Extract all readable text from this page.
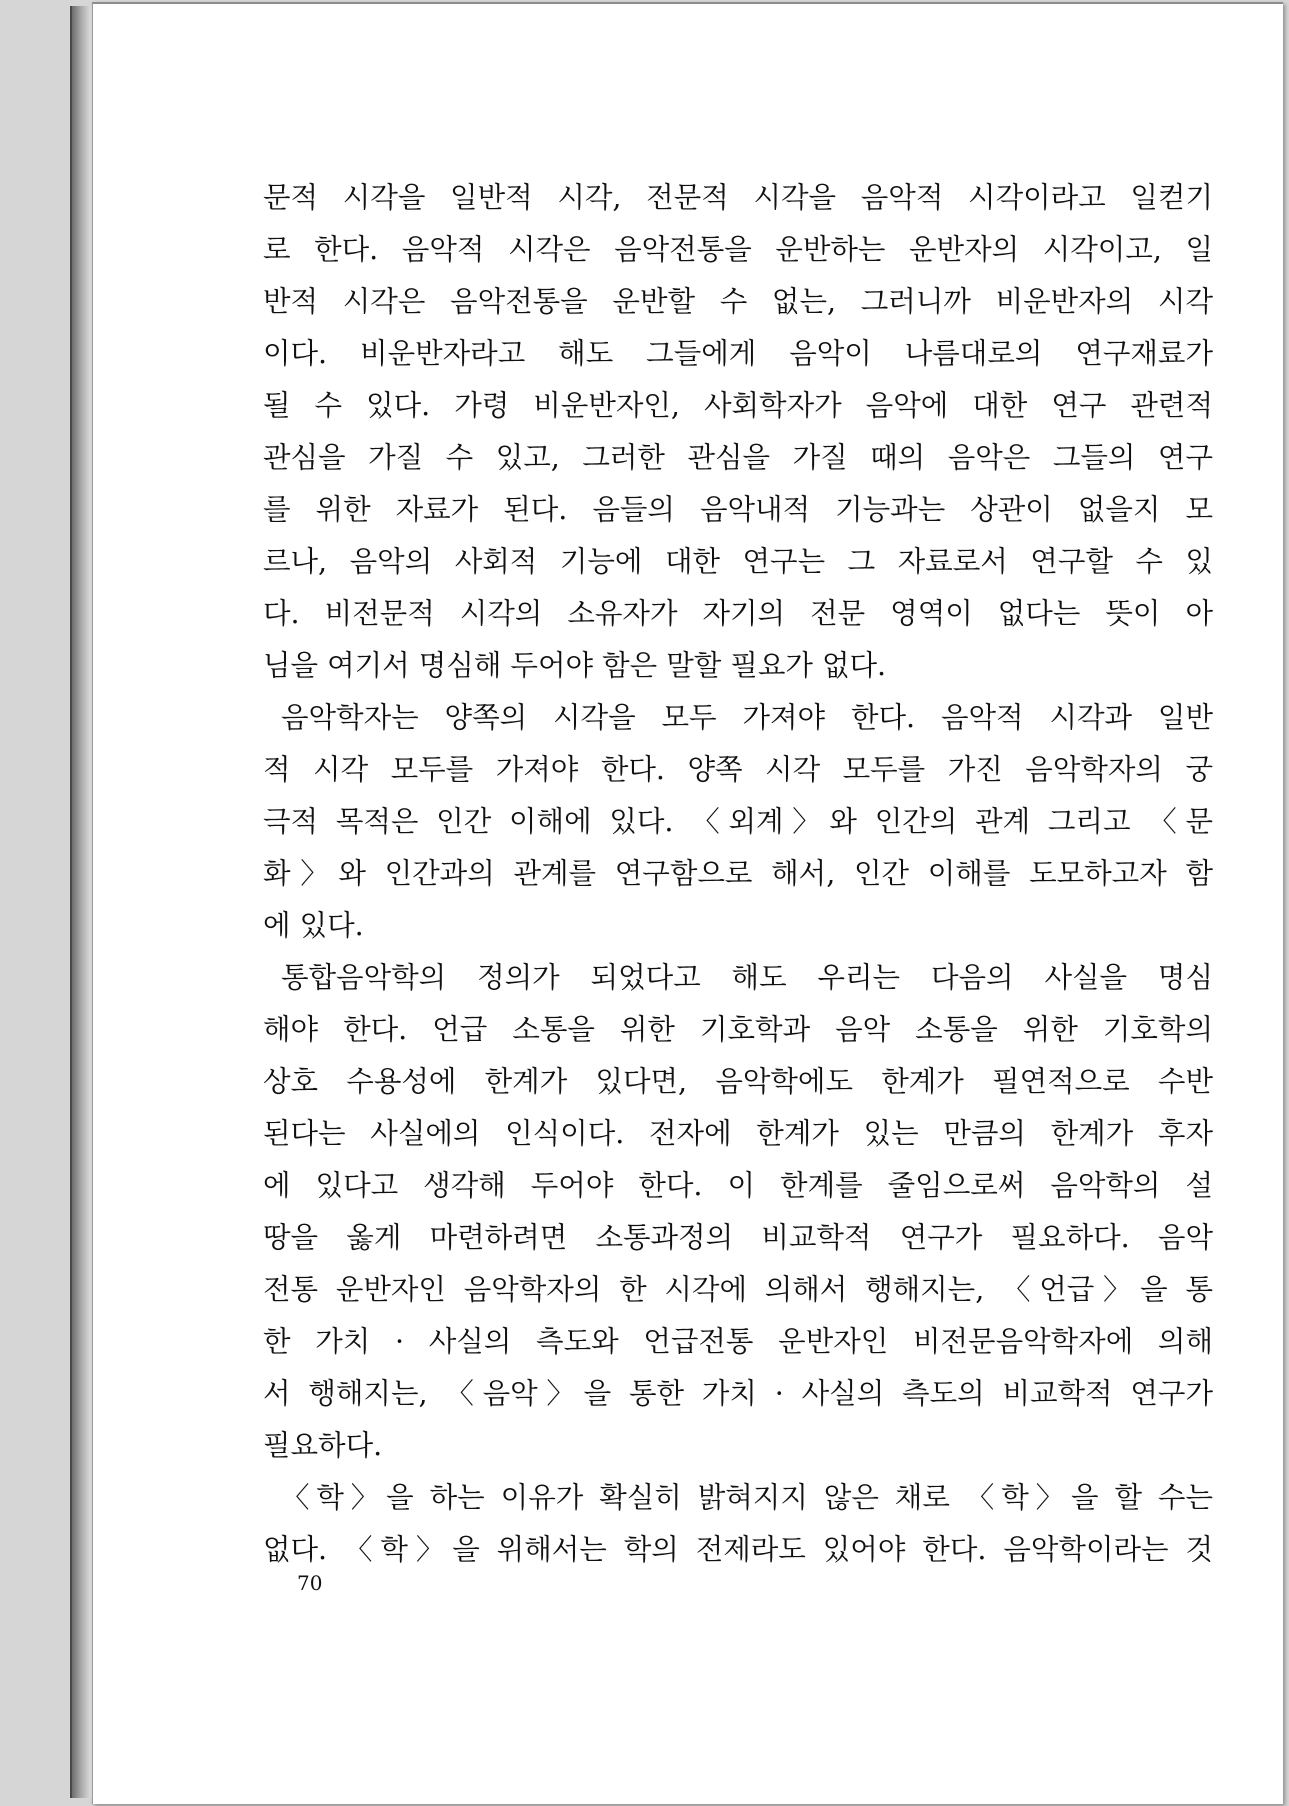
문적 시각을 일반적 시각, 전문적 시각을 음악적 시각이라고 일컫기
로 한다. 음악적 시각은 음악전통을 운반하는 운반자의 시각이고, 일
반적 시각은 음악전통을 운반할 수 없는, 그러니까 비운반자의 시각
이다. 비운반자라고 해도 그들에게 음악이 나름대로의 연구재료가
될 수 있다. 가령 비운반자인, 사회학자가 음악에 대한 연구 관련적
관심을 가질 수 있고, 그러한 관심을 가질 때의 음악은 그들의 연구
를 위한 자료가 된다. 음들의 음악내적 기능과는 상관이 없을지 모
르나, 음악의 사회적 기능에 대한 연구는 그 자료로서 연구할 수 있
다. 비전문적 시각의 소유자가 자기의 전문 영역이 없다는 뜻이 아
님을 여기서 명심해 두어야 함은 말할 필요가 없다.
음악학자는 양쪽의 시각을 모두 가져야 한다. 음악적 시각과 일반
적 시각 모두를 가져야 한다. 양쪽 시각 모두를 가진 음악학자의 궁
극적 목적은 인간 이해에 있다. 〈외계〉와 인간의 관계 그리고 〈문
화〉와 인간과의 관계를 연구함으로 해서, 인간 이해를 도모하고자 함
에 있다.
통합음악학의 정의가 되었다고 해도 우리는 다음의 사실을 명심
해야 한다. 언급 소통을 위한 기호학과 음악 소통을 위한 기호학의
상호 수용성에 한계가 있다면, 음악학에도 한계가 필연적으로 수반
된다는 사실에의 인식이다. 전자에 한계가 있는 만큼의 한계가 후자
에 있다고 생각해 두어야 한다. 이 한계를 줄임으로써 음악학의 설
땅을 옳게 마련하려면 소통과정의 비교학적 연구가 필요하다. 음악
전통 운반자인 음악학자의 한 시각에 의해서 행해지는, 〈언급〉을 통
한 가치 · 사실의 측도와 언급전통 운반자인 비전문음악학자에 의해
서 행해지는, 〈음악〉을 통한 가치 · 사실의 측도의 비교학적 연구가
필요하다.
〈학〉을 하는 이유가 확실히 밝혀지지 않은 채로 〈학〉을 할 수는
없다. 〈학〉을 위해서는 학의 전제라도 있어야 한다. 음악학이라는 것
70
